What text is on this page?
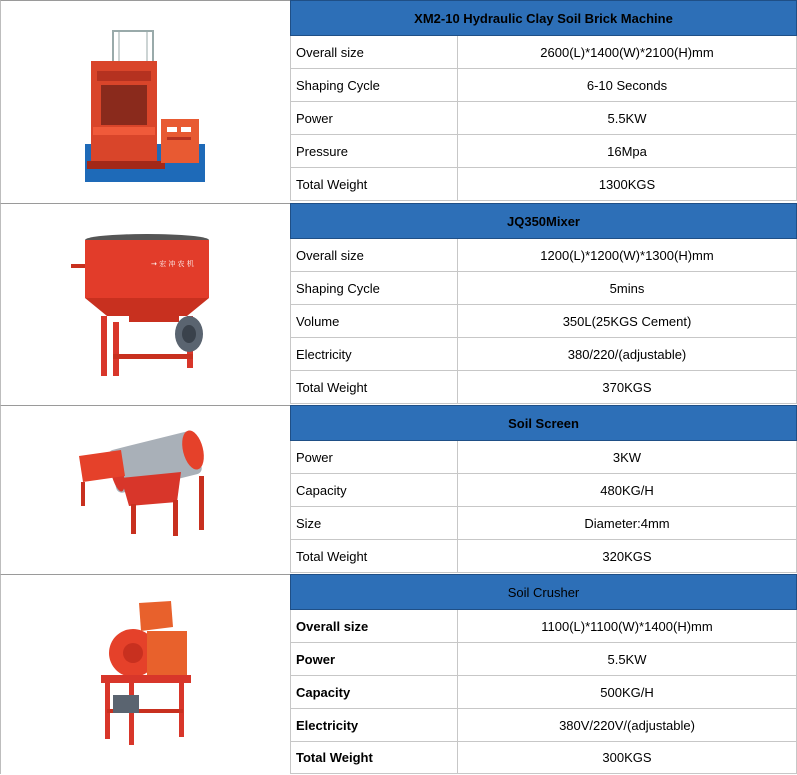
XM2-10 Hydraulic Clay Soil Brick Machine
Overall size	2600(L)*1400(W)*2100(H)mm
Shaping Cycle	6-10 Seconds
Power	5.5KW
Pressure	16Mpa
Total Weight	1300KGS
→ 宏 冲 农 机
JQ350Mixer
Overall size	1200(L)*1200(W)*1300(H)mm
Shaping Cycle	5mins
Volume	350L(25KGS Cement)
Electricity	380/220/(adjustable)
Total Weight	370KGS
Soil Screen
Power	3KW
Capacity	480KG/H
Size	Diameter:4mm
Total Weight	320KGS
Soil Crusher
Overall size	1100(L)*1100(W)*1400(H)mm
Power	5.5KW
Capacity	500KG/H
Electricity	380V/220V/(adjustable)
Total Weight	300KGS
